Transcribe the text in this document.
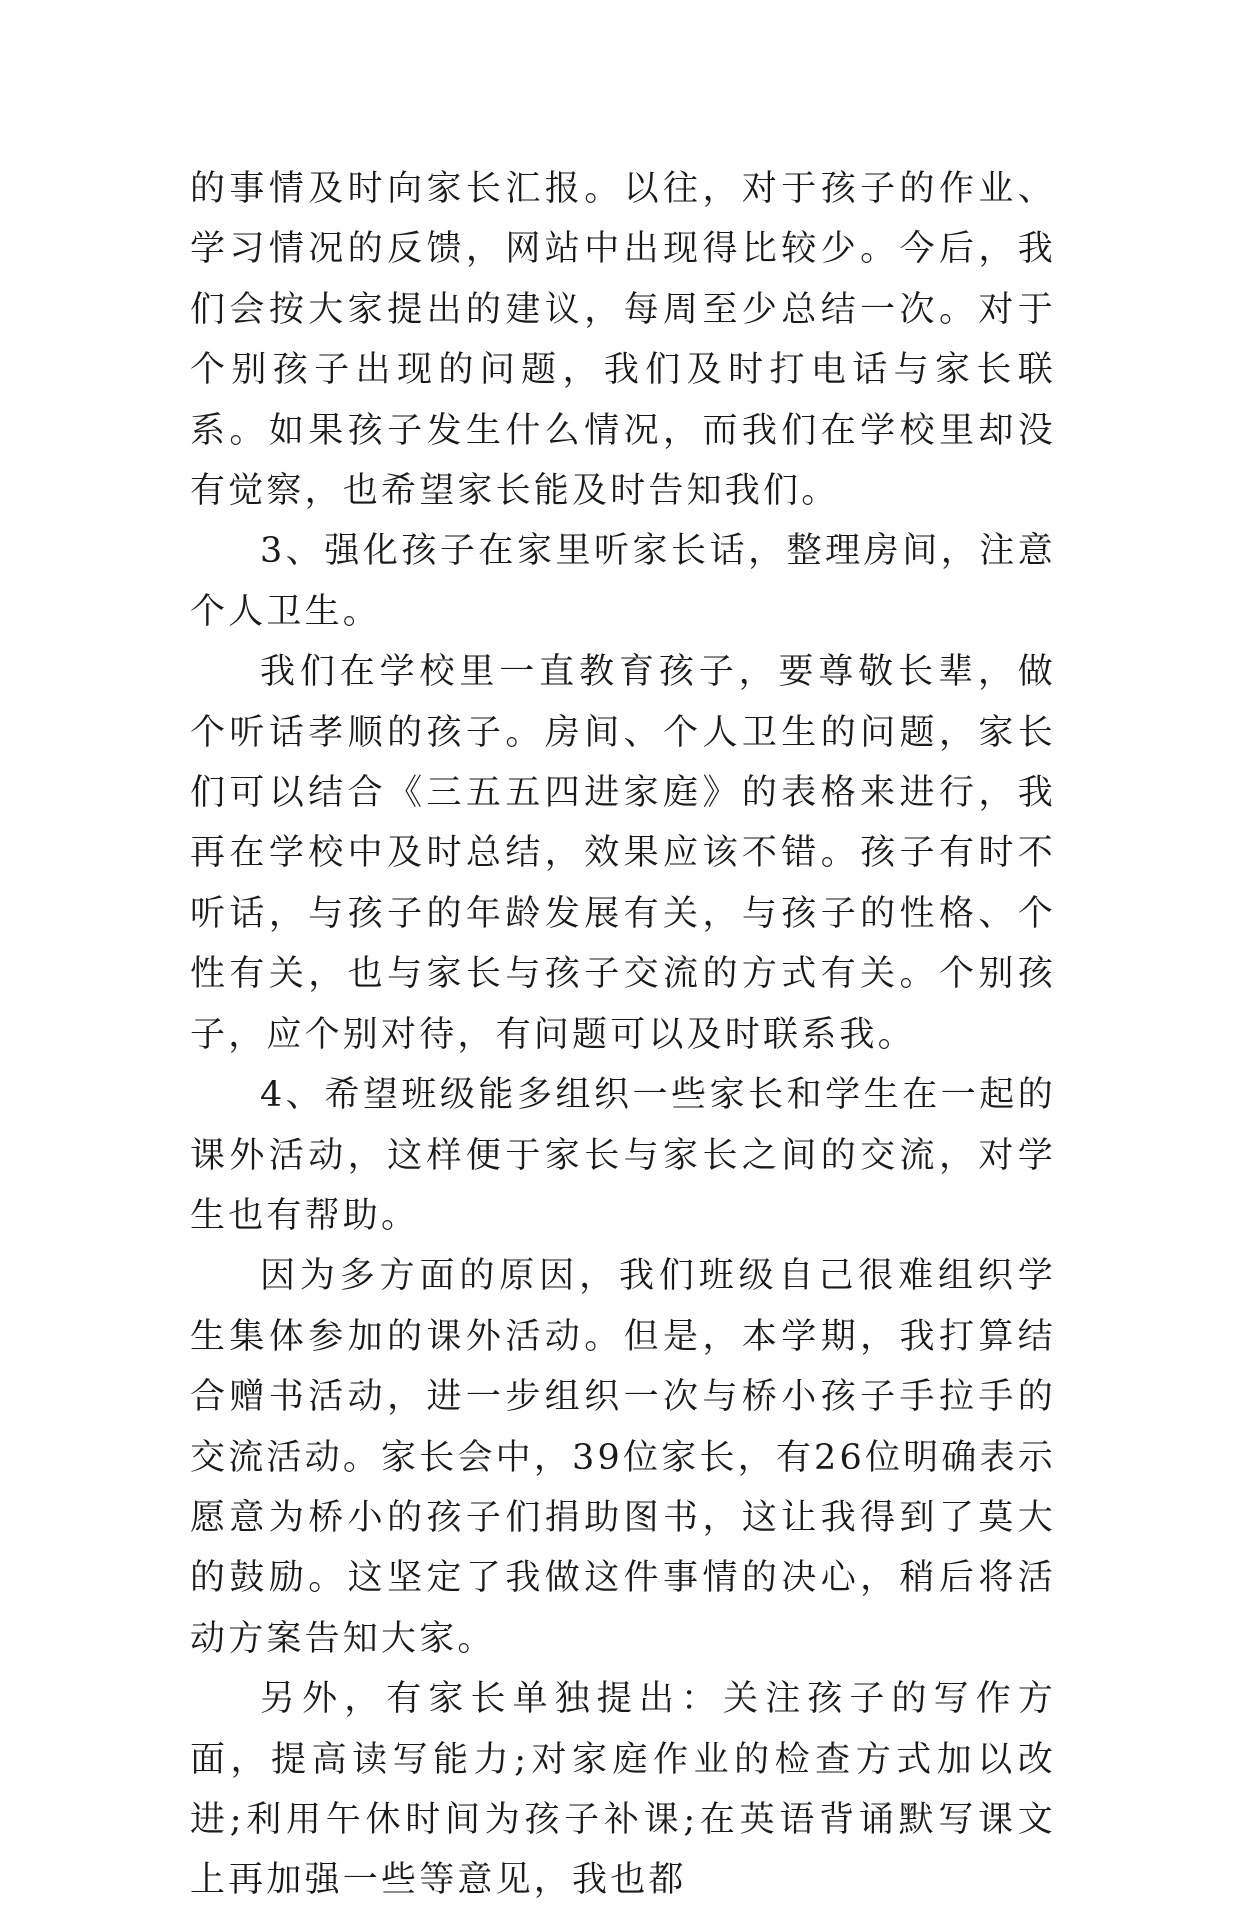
的事情及时向家长汇报。以往，对于孩子的作业、学习情况的反馈，网站中出现得比较少。今后，我们会按大家提出的建议，每周至少总结一次。对于个别孩子出现的问题，我们及时打电话与家长联系。如果孩子发生什么情况，而我们在学校里却没有觉察，也希望家长能及时告知我们。

3、强化孩子在家里听家长话，整理房间，注意个人卫生。

我们在学校里一直教育孩子，要尊敬长辈，做个听话孝顺的孩子。房间、个人卫生的问题，家长们可以结合《三五五四进家庭》的表格来进行，我再在学校中及时总结，效果应该不错。孩子有时不听话，与孩子的年龄发展有关，与孩子的性格、个性有关，也与家长与孩子交流的方式有关。个别孩子，应个别对待，有问题可以及时联系我。

4、希望班级能多组织一些家长和学生在一起的课外活动，这样便于家长与家长之间的交流，对学生也有帮助。

因为多方面的原因，我们班级自己很难组织学生集体参加的课外活动。但是，本学期，我打算结合赠书活动，进一步组织一次与桥小孩子手拉手的交流活动。家长会中，39位家长，有26位明确表示愿意为桥小的孩子们捐助图书，这让我得到了莫大的鼓励。这坚定了我做这件事情的决心，稍后将活动方案告知大家。

另外，有家长单独提出：关注孩子的写作方面，提高读写能力;对家庭作业的检查方式加以改进;利用午休时间为孩子补课;在英语背诵默写课文上再加强一些等意见，我也都
